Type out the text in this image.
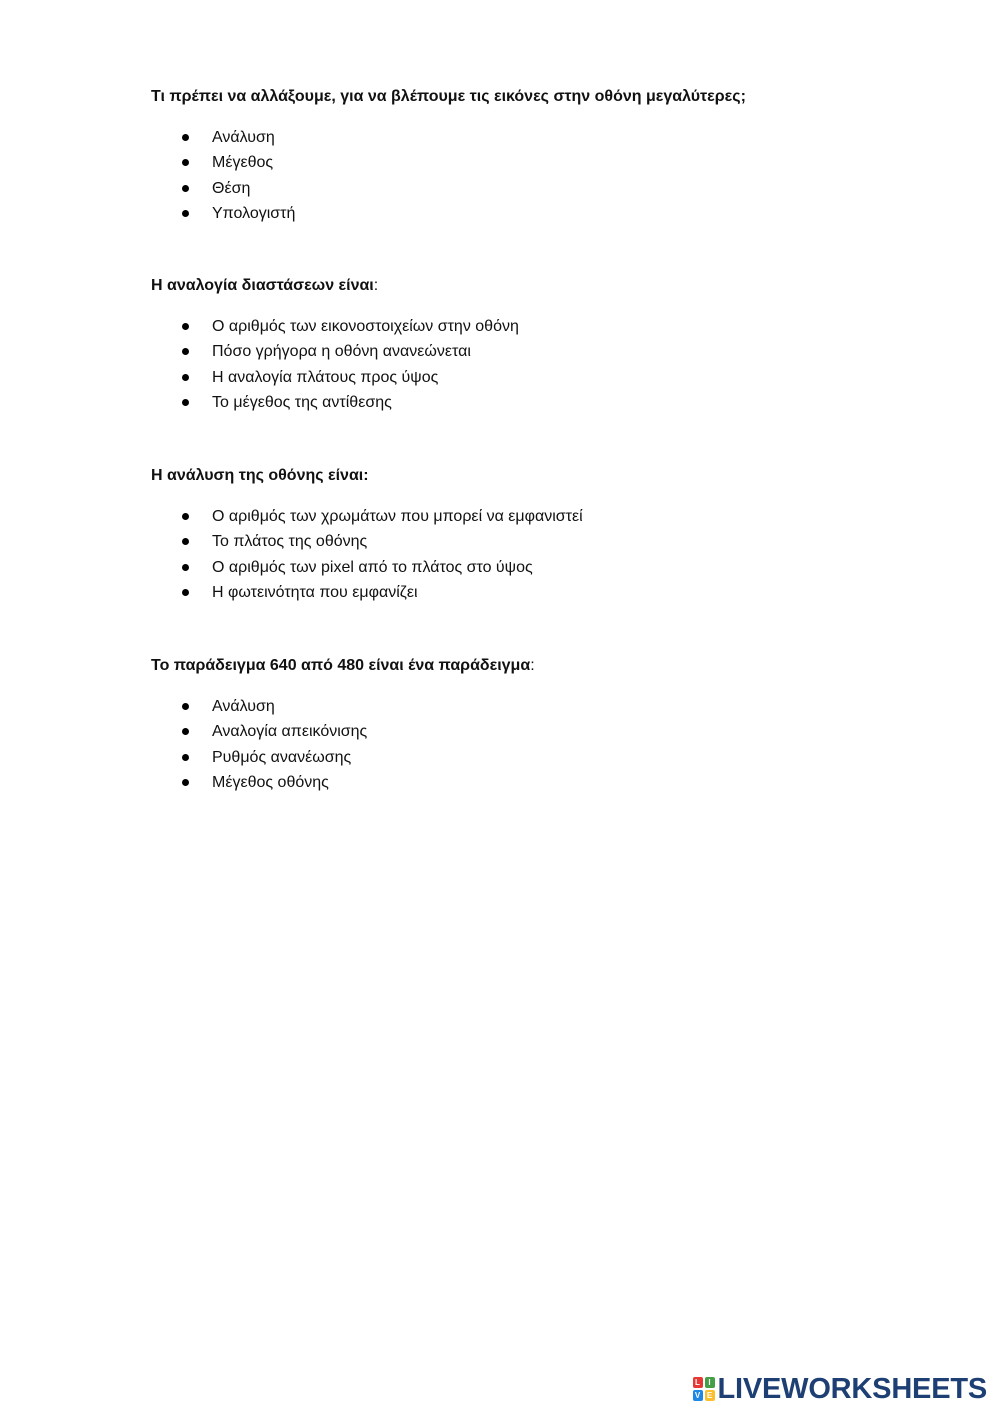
Τι πρέπει να αλλάξουμε, για να βλέπουμε τις εικόνες στην οθόνη μεγαλύτερες;

Ανάλυση
Μέγεθος
Θέση
Υπολογιστή

Η αναλογία διαστάσεων είναι:

Ο αριθμός των εικονοστοιχείων στην οθόνη
Πόσο γρήγορα η οθόνη ανανεώνεται
Η αναλογία πλάτους προς ύψος
Το μέγεθος της αντίθεσης

Η ανάλυση της οθόνης είναι:

Ο αριθμός των χρωμάτων που μπορεί να εμφανιστεί
Το πλάτος της οθόνης
Ο αριθμός των pixel από το πλάτος στο ύψος
Η φωτεινότητα που εμφανίζει

Το παράδειγμα 640 από 480 είναι ένα παράδειγμα:

Ανάλυση
Αναλογία απεικόνισης
Ρυθμός ανανέωσης
Μέγεθος οθόνης
L	I
V E LIVEWORKSHEETS
